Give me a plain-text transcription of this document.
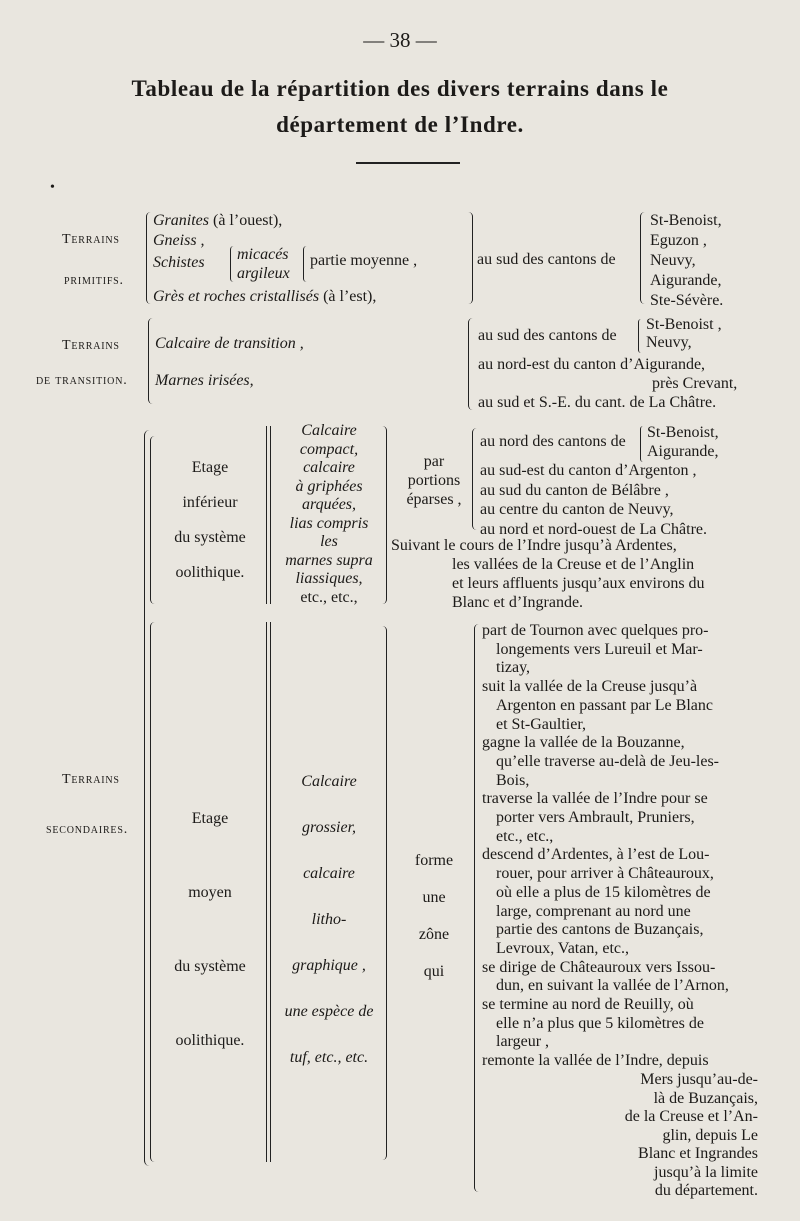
— 38 —
Tableau de la répartition des divers terrains dans le
département de l’Indre.
•
Terrains
primitifs.
Granites (à l’ouest),
Gneiss ,
Schistes micacés
argileux
partie moyenne ,
Grès et roches cristallisés (à l’est),
au sud des cantons de
St-Benoist,
Eguzon ,
Neuvy,
Aigurande,
Ste-Sévère.
Terrains
de transition.
Calcaire de transition ,
Marnes irisées,
au sud des cantons de
St-Benoist ,
Neuvy,
au nord-est du canton d’Aigurande,
près Crevant,
au sud et S.-E. du cant. de La Châtre.
Etage
inférieur
du système
oolithique.
Calcaire
compact,
calcaire
à griphées
arquées,
lias compris
les
marnes supra
liassiques,
etc., etc.,
par
portions
éparses ,
au nord des cantons de
St-Benoist,
Aigurande,
au sud-est du canton d’Argenton ,
au sud du canton de Bélâbre ,
au centre du canton de Neuvy,
au nord et nord-ouest de La Châtre.
Suivant le cours de l’Indre jusqu’à Ardentes,
les vallées de la Creuse et de l’Anglin
et leurs affluents jusqu’aux environs du
Blanc et d’Ingrande.
Terrains
secondaires.
Etage
moyen
du système
oolithique.
Calcaire
grossier,
calcaire
litho-
graphique ,
une espèce de
tuf, etc., etc.
forme
une
zône
qui
part de Tournon avec quelques pro-
longements vers Lureuil et Mar-
tizay,
suit la vallée de la Creuse jusqu’à
Argenton en passant par Le Blanc
et St-Gaultier,
gagne la vallée de la Bouzanne,
qu’elle traverse au-delà de Jeu-les-
Bois,
traverse la vallée de l’Indre pour se
porter vers Ambrault, Pruniers,
etc., etc.,
descend d’Ardentes, à l’est de Lou-
rouer, pour arriver à Châteauroux,
où elle a plus de 15 kilomètres de
large, comprenant au nord une
partie des cantons de Buzançais,
Levroux, Vatan, etc.,
se dirige de Châteauroux vers Issou-
dun, en suivant la vallée de l’Arnon,
se termine au nord de Reuilly, où
elle n’a plus que 5 kilomètres de
largeur ,
remonte la vallée de l’Indre, depuis
Mers jusqu’au-de-
là de Buzançais,
de la Creuse et l’An-
glin, depuis Le
Blanc et Ingrandes
jusqu’à la limite
du département.
